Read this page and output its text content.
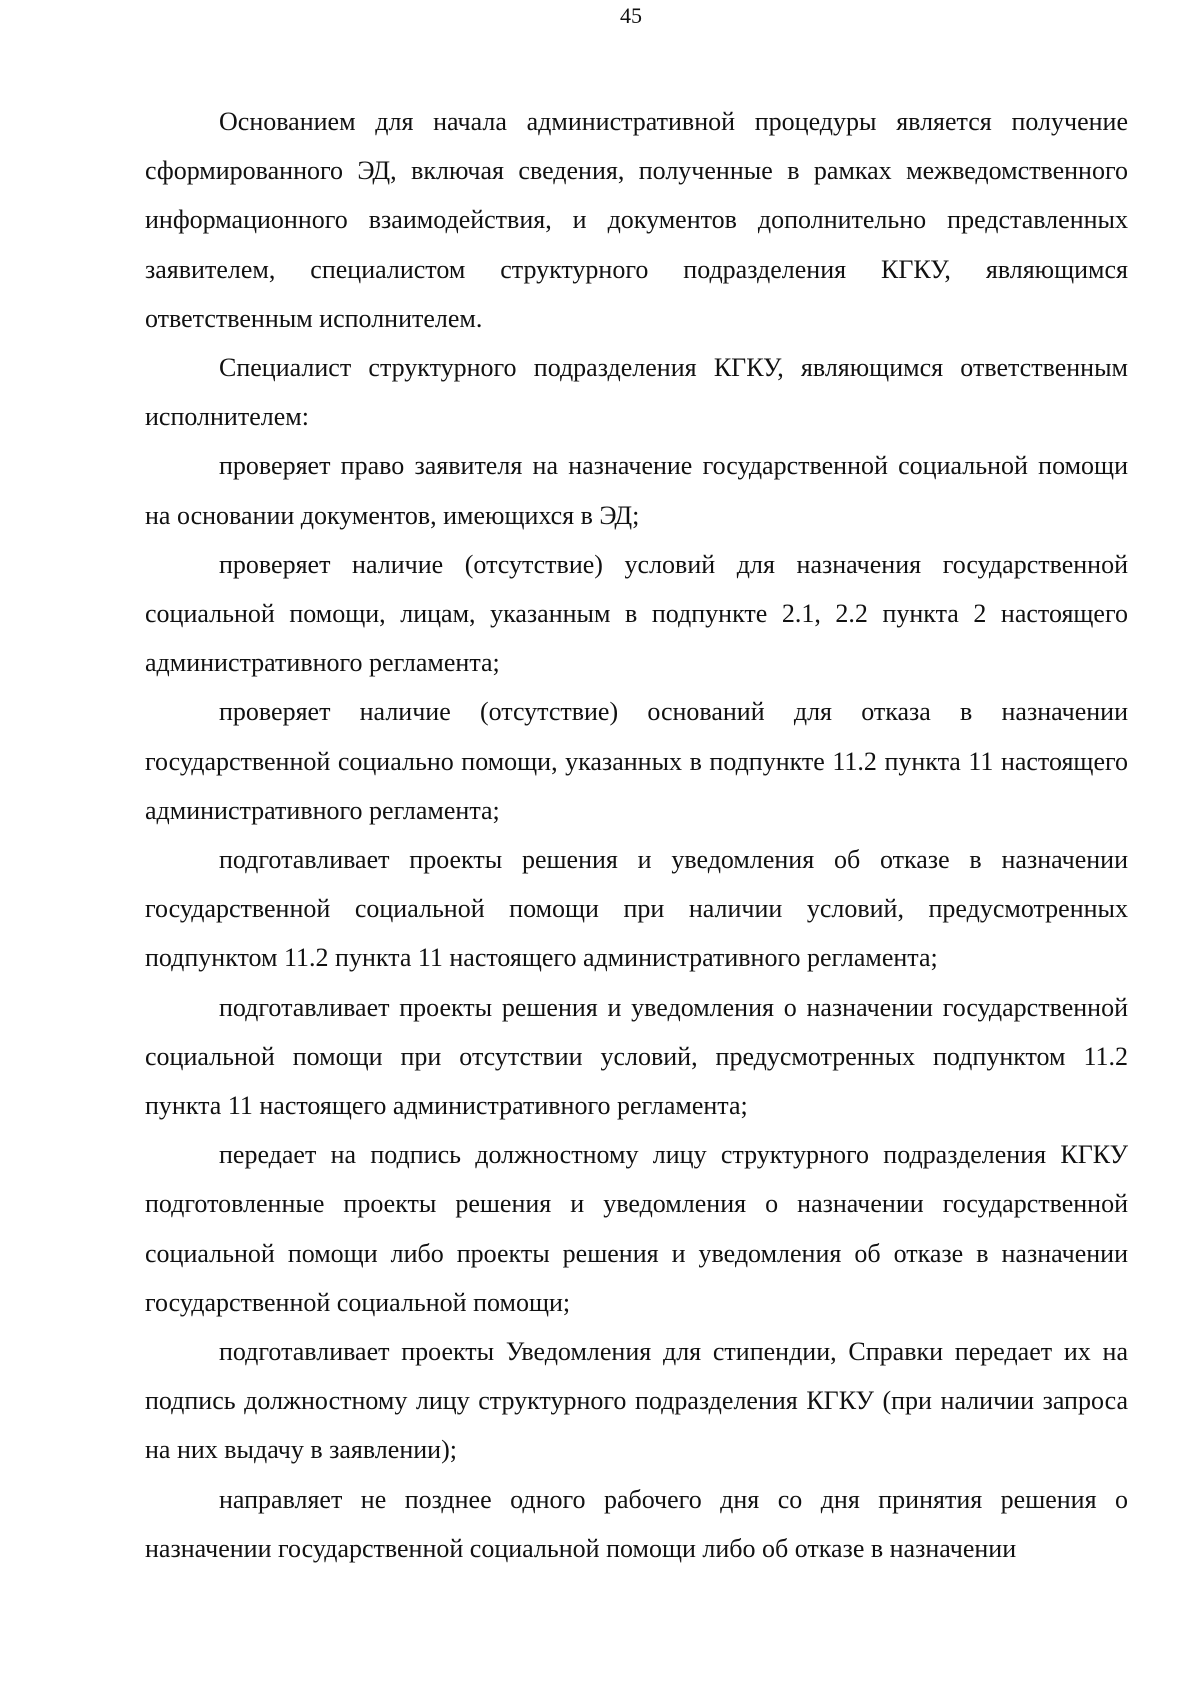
45

Основанием для начала административной процедуры является получение сформированного ЭД, включая сведения, полученные в рамках межведомственного информационного взаимодействия, и документов дополнительно представленных заявителем, специалистом структурного подразделения КГКУ, являющимся ответственным исполнителем.

Специалист структурного подразделения КГКУ, являющимся ответственным исполнителем:

проверяет право заявителя на назначение государственной социальной помощи на основании документов, имеющихся в ЭД;

проверяет наличие (отсутствие) условий для назначения государственной социальной помощи, лицам, указанным в подпункте 2.1, 2.2 пункта 2 настоящего административного регламента;

проверяет наличие (отсутствие) оснований для отказа в назначении государственной социально помощи, указанных в подпункте 11.2 пункта 11 настоящего административного регламента;

подготавливает проекты решения и уведомления об отказе в назначении государственной социальной помощи при наличии условий, предусмотренных подпунктом 11.2 пункта 11 настоящего административного регламента;

подготавливает проекты решения и уведомления о назначении государственной социальной помощи при отсутствии условий, предусмотренных подпунктом 11.2 пункта 11 настоящего административного регламента;

передает на подпись должностному лицу структурного подразделения КГКУ подготовленные проекты решения и уведомления о назначении государственной социальной помощи либо проекты решения и уведомления об отказе в назначении государственной социальной помощи;

подготавливает проекты Уведомления для стипендии, Справки передает их на подпись должностному лицу структурного подразделения КГКУ (при наличии запроса на них выдачу в заявлении);

направляет не позднее одного рабочего дня со дня принятия решения о назначении государственной социальной помощи либо об отказе в назначении
